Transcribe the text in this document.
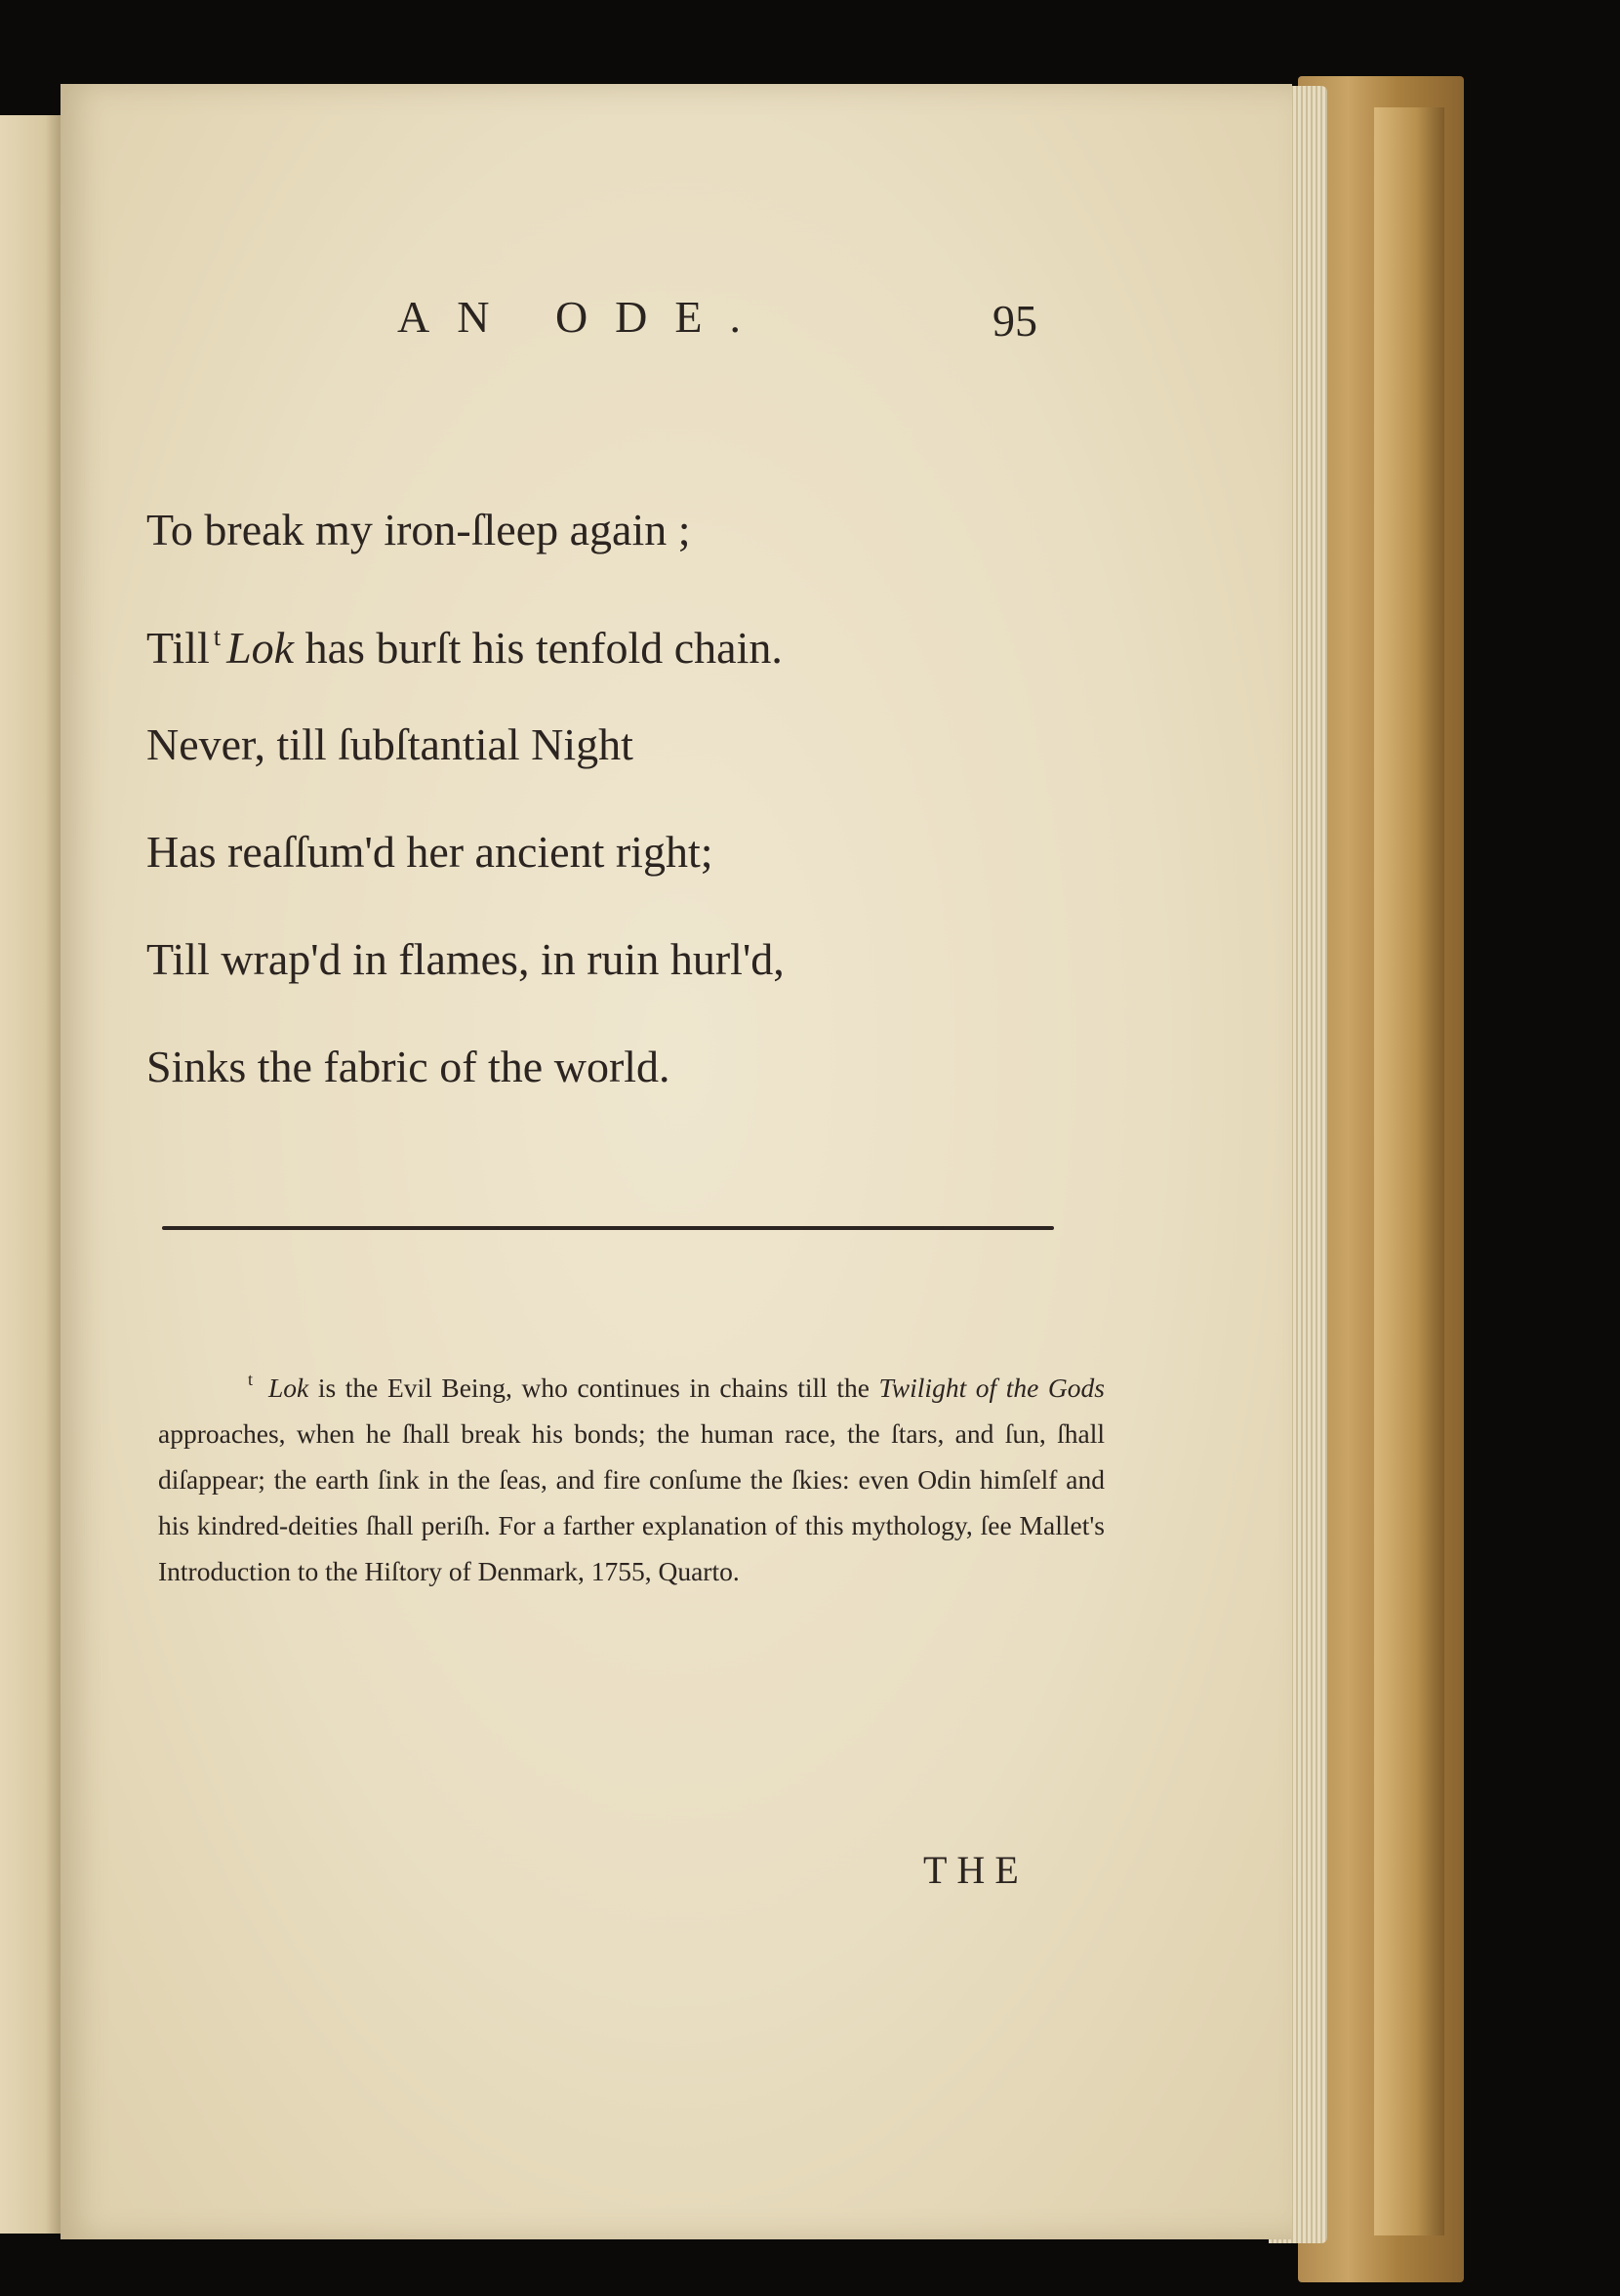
AN ODE.	95
To break my iron-ſleep again ;
Till $^t$ Lok has burſt his tenfold chain.
Never, till ſubſtantial Night
Has reaſſum'd her ancient right;
Till wrap'd in flames, in ruin hurl'd,
Sinks the fabric of the world.
$^t$ Lok is the Evil Being, who continues in chains till the Twilight of the Gods approaches, when he ſhall break his bonds; the human race, the ſtars, and ſun, ſhall diſappear; the earth ſink in the ſeas, and fire conſume the ſkies: even Odin himſelf and his kindred-deities ſhall periſh. For a farther explanation of this mythology, ſee Mallet's Introduction to the Hiſtory of Denmark, 1755, Quarto.
THE
